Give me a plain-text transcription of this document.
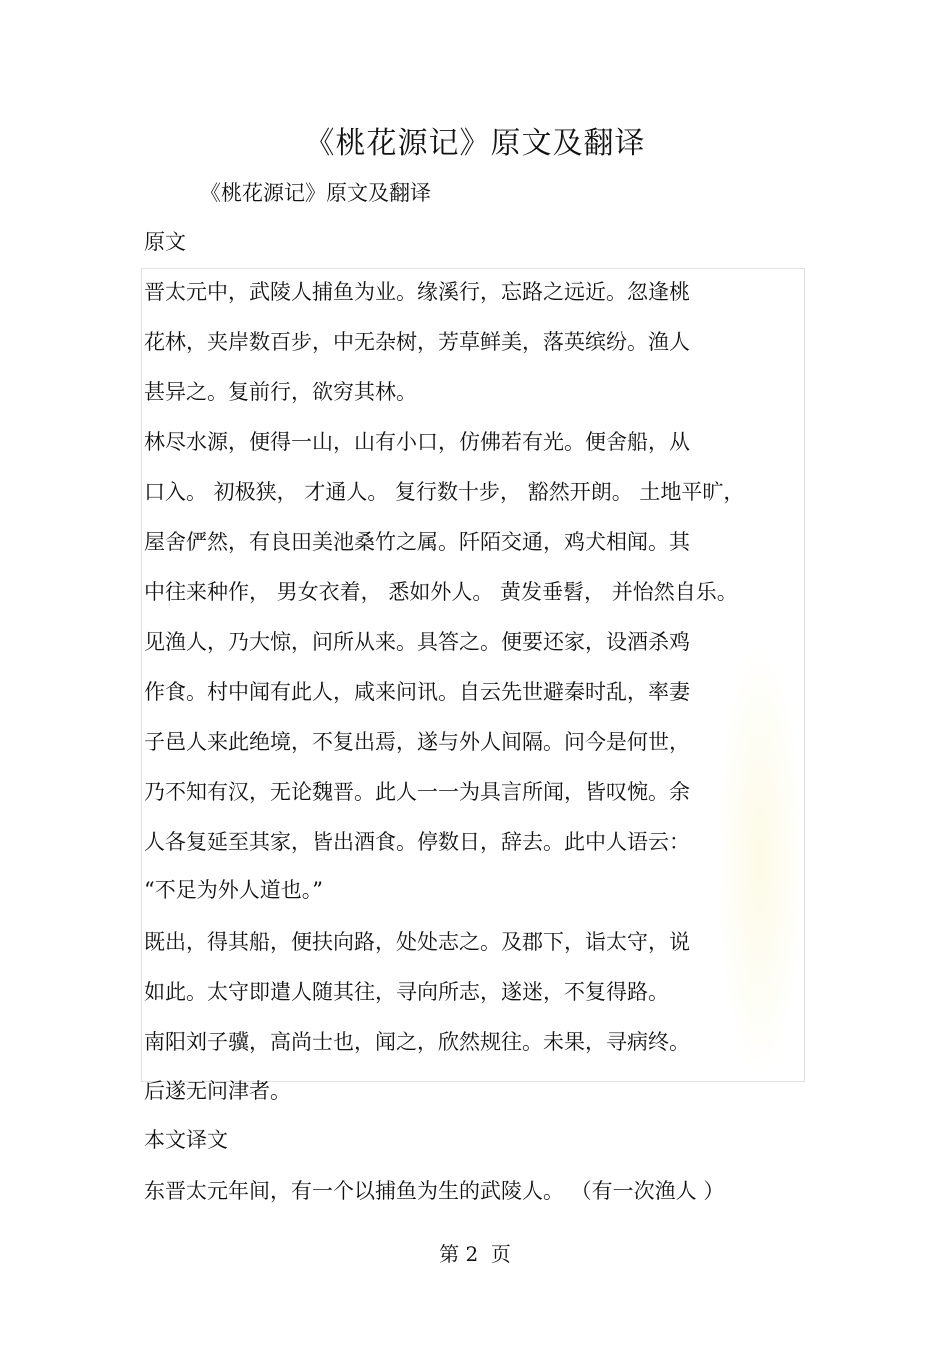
《桃花源记》原文及翻译
《桃花源记》原文及翻译
原文
晋太元中，武陵人捕鱼为业。缘溪行，忘路之远近。忽逢桃
花林，夹岸数百步，中无杂树，芳草鲜美，落英缤纷。渔人
甚异之。复前行，欲穷其林。
林尽水源，便得一山，山有小口，仿佛若有光。便舍船，从
口入。 初极狭， 才通人。 复行数十步， 豁然开朗。 土地平旷，
屋舍俨然，有良田美池桑竹之属。阡陌交通，鸡犬相闻。其
中往来种作， 男女衣着， 悉如外人。 黄发垂髫， 并怡然自乐。
见渔人，乃大惊，问所从来。具答之。便要还家，设酒杀鸡
作食。村中闻有此人，咸来问讯。自云先世避秦时乱，率妻
子邑人来此绝境，不复出焉，遂与外人间隔。问今是何世，
乃不知有汉，无论魏晋。此人一一为具言所闻，皆叹惋。余
人各复延至其家，皆出酒食。停数日，辞去。此中人语云：
“不足为外人道也。”
既出，得其船，便扶向路，处处志之。及郡下，诣太守，说
如此。太守即遣人随其往，寻向所志，遂迷，不复得路。
南阳刘子骥，高尚士也，闻之，欣然规往。未果，寻病终。
后遂无问津者。
本文译文
东晋太元年间，有一个以捕鱼为生的武陵人。 （有一次渔人 ）
第 2  页
